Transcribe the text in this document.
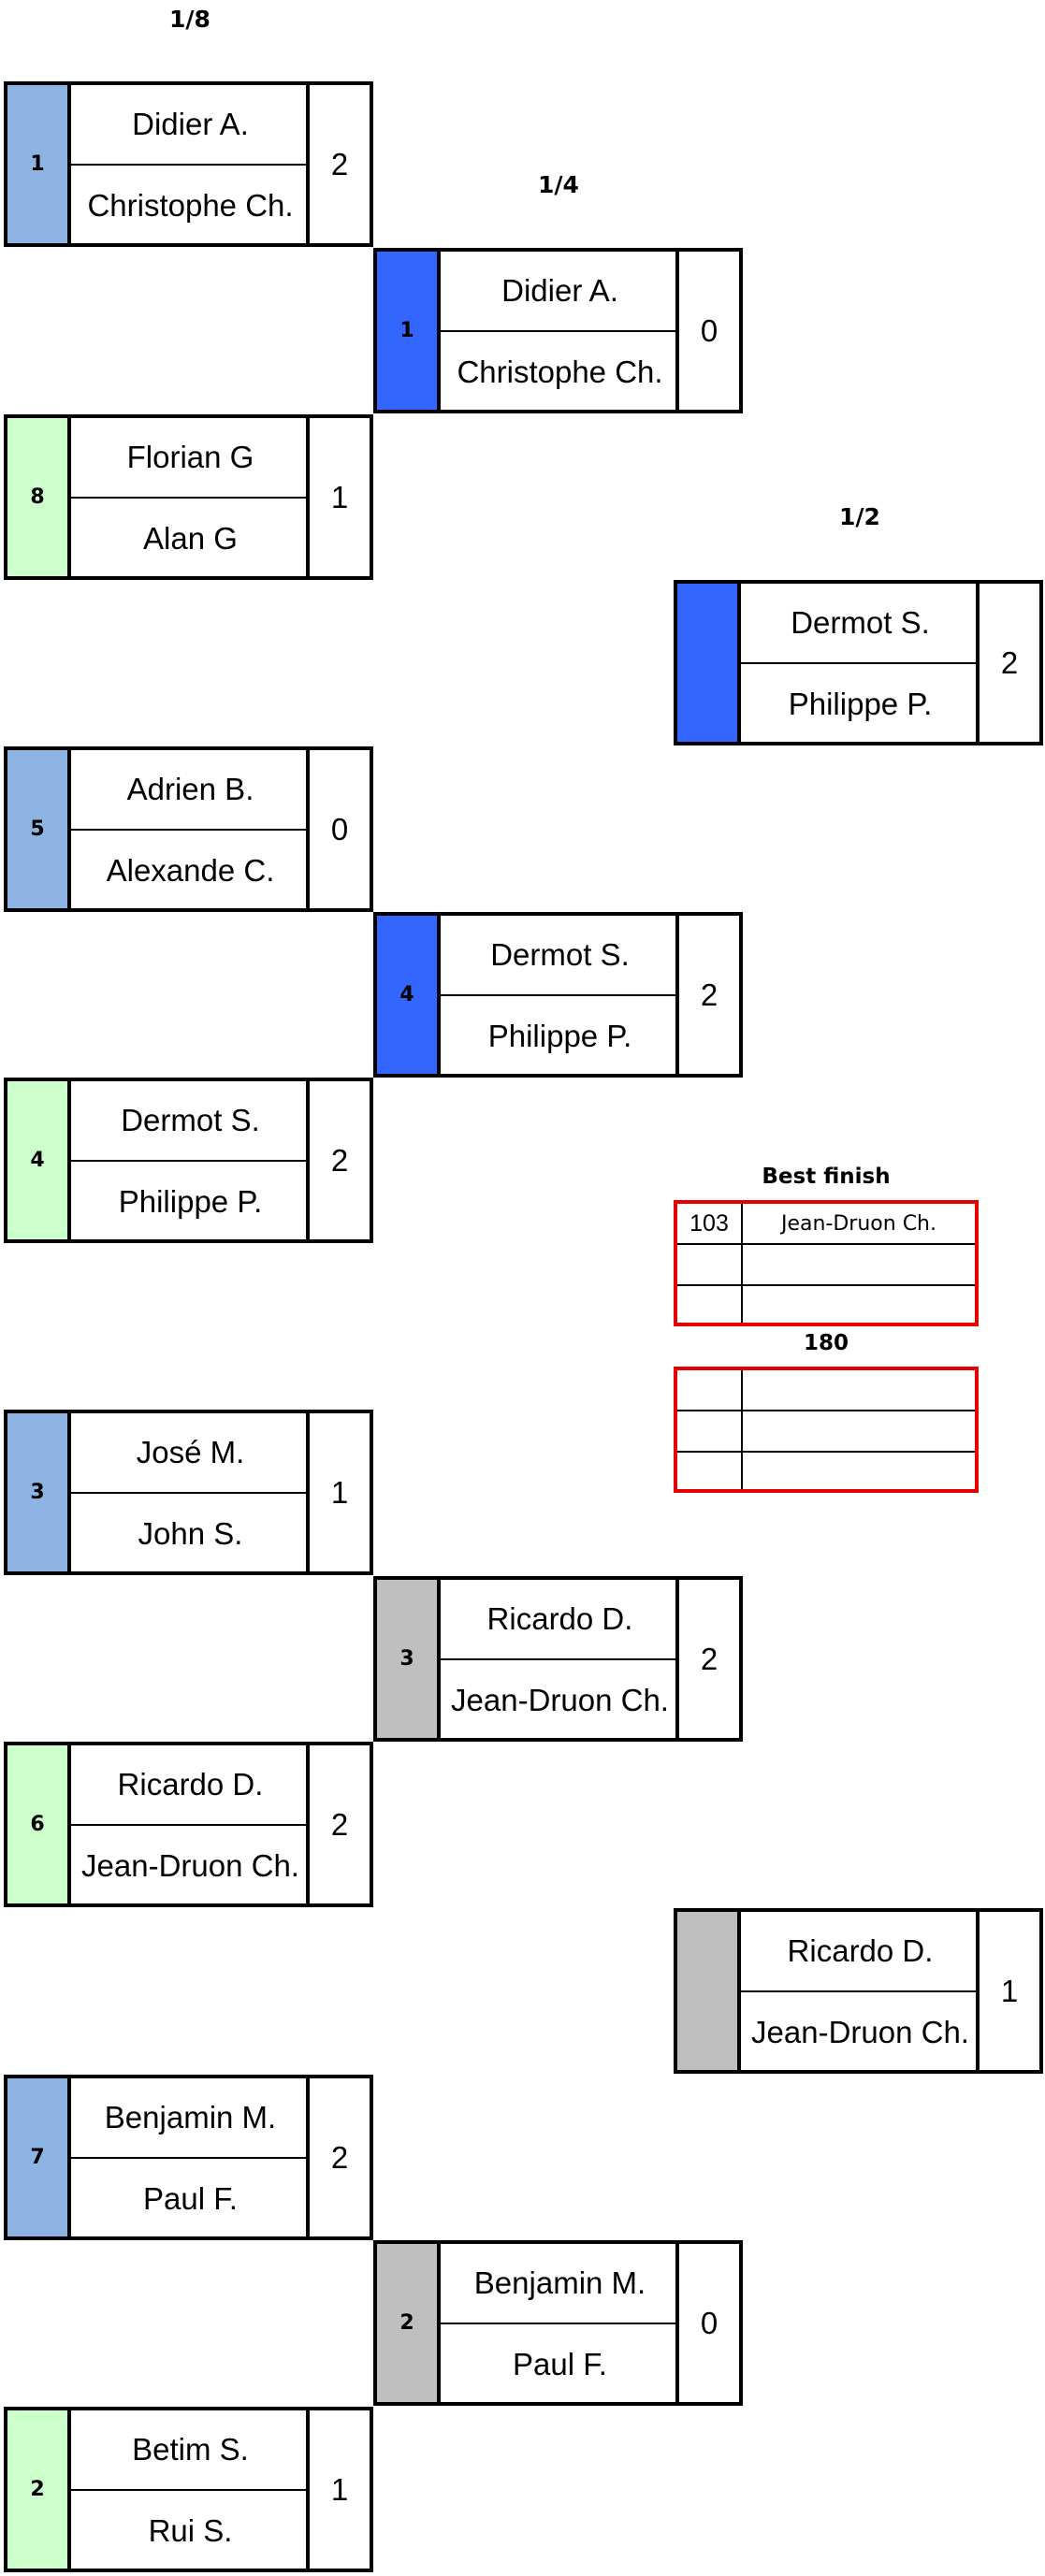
1/8
1/4
1/2
1
Didier A.
Christophe Ch.
2
8
Florian G
Alan G
1
5
Adrien B.
Alexande C.
0
4
Dermot S.
Philippe P.
2
3
José M.
John S.
1
6
Ricardo D.
Jean-Druon Ch.
2
7
Benjamin M.
Paul F.
2
2
Betim S.
Rui S.
1
1
Didier A.
Christophe Ch.
0
4
Dermot S.
Philippe P.
2
3
Ricardo D.
Jean-Druon Ch.
2
2
Benjamin M.
Paul F.
0
Dermot S.
Philippe P.
2
Ricardo D.
Jean-Druon Ch.
1
Best finish
103	Jean-Druon Ch.
180
